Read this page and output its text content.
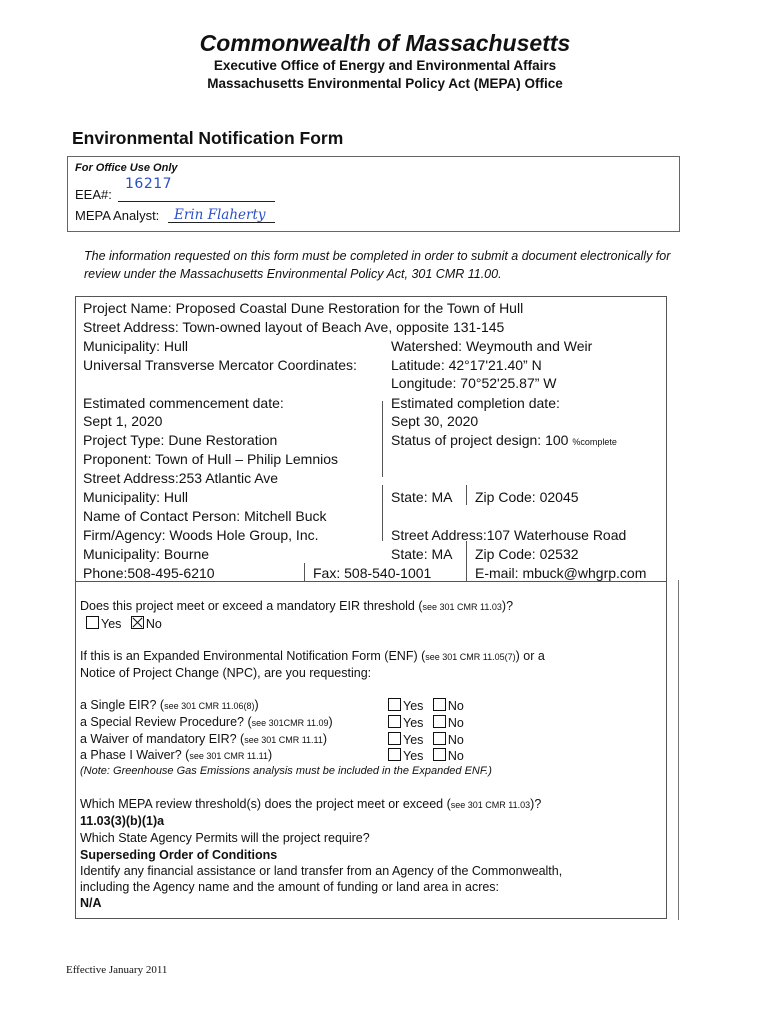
Commonwealth of Massachusetts
Executive Office of Energy and Environmental Affairs
Massachusetts Environmental Policy Act (MEPA) Office
Environmental Notification Form
For Office Use Only
EEA#:
16217
MEPA Analyst: Erin Flaherty
The information requested on this form must be completed in order to submit a document electronically for review under the Massachusetts Environmental Policy Act, 301 CMR 11.00.
Project Name: Proposed Coastal Dune Restoration for the Town of Hull
Street Address: Town-owned layout of Beach Ave, opposite 131-145
Municipality: Hull	Watershed: Weymouth and Weir
Universal Transverse Mercator Coordinates: Latitude: 42°17'21.40” N
Longitude: 70°52'25.87” W
Estimated commencement date:	Estimated completion date:
Sept 1, 2020	Sept 30, 2020
Project Type: Dune Restoration	Status of project design: 100 %complete
Proponent: Town of Hull – Philip Lemnios
Street Address:253 Atlantic Ave
Municipality: Hull	State: MA Zip Code: 02045
Name of Contact Person: Mitchell Buck
Firm/Agency: Woods Hole Group, Inc.	Street Address:107 Waterhouse Road
Municipality: Bourne	State: MA Zip Code: 02532
Phone:508-495-6210	Fax: 508-540-1001	E-mail: mbuck@whgrp.com
Does this project meet or exceed a mandatory EIR threshold (see 301 CMR 11.03)?
Yes No
If this is an Expanded Environmental Notification Form (ENF) (see 301 CMR 11.05(7)) or a
Notice of Project Change (NPC), are you requesting:
a Single EIR? (see 301 CMR 11.06(8))	Yes No
a Special Review Procedure? (see 301CMR 11.09)	Yes No
a Waiver of mandatory EIR? (see 301 CMR 11.11)	Yes No
a Phase I Waiver? (see 301 CMR 11.11)	Yes No
(Note: Greenhouse Gas Emissions analysis must be included in the Expanded ENF.)
Which MEPA review threshold(s) does the project meet or exceed (see 301 CMR 11.03)?
11.03(3)(b)(1)a
Which State Agency Permits will the project require?
Superseding Order of Conditions
Identify any financial assistance or land transfer from an Agency of the Commonwealth,
including the Agency name and the amount of funding or land area in acres:
N/A
Effective January 2011
